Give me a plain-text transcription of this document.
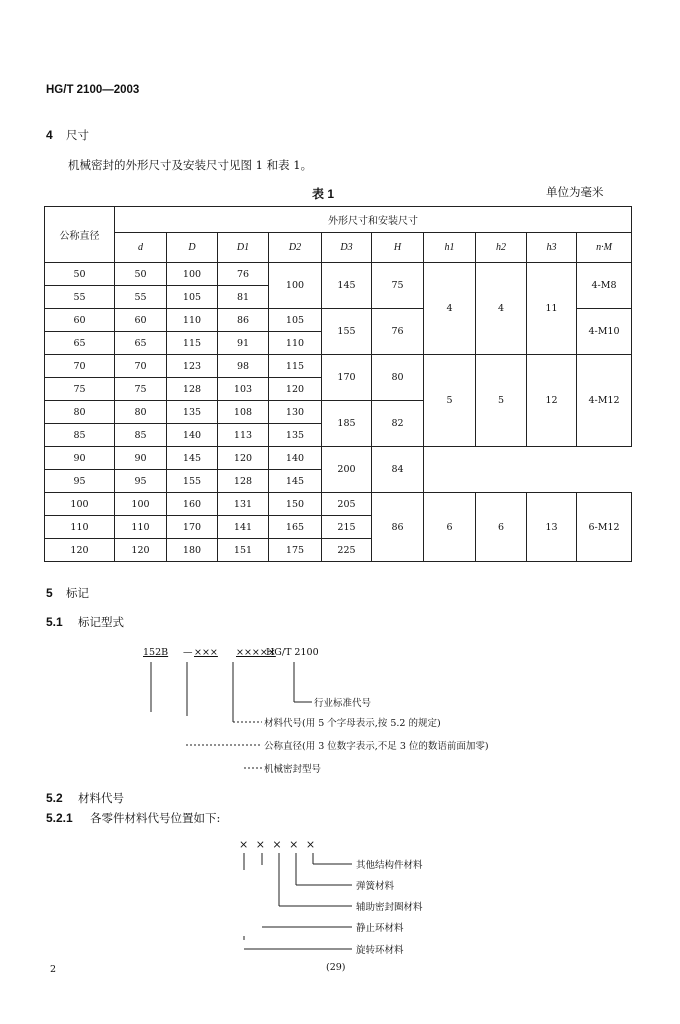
HG/T 2100—2003
4 尺寸
机械密封的外形尺寸及安装尺寸见图 1 和表 1。
表 1	单位为毫米
公称直径	外形尺寸和安装尺寸									
	d	D	D1	D2	D3	H	h1	h2	h3	n·M
50	50	100	76	100	145	75	4	4	11	4-M8
55	55	105	81							
60	60	110	86	105	155	76				4-M10
65	65	115	91	110						
70	70	123	98	115	170	80	5	5	12	4-M12
75	75	128	103	120						
80	80	135	108	130	185	82				
85	85	140	113	135						
90	90	145	120	140	200	84				
95	95	155	128	145						
100	100	160	131	150	205	86	6	6	13	6-M12
110	110	170	141	165	215					
120	120	180	151	175	225					
5 标记
5.1 标记型式
152B — ××× ×××××
HG/T 2100
行业标准代号
材料代号(用 5 个字母表示,按 5.2 的规定)
公称直径(用 3 位数字表示,不足 3 位的数语前面加零)
机械密封型号
5.2 材料代号
5.2.1 各零件材料代号位置如下:
× × × × ×
其他结构件材料
弹簧材料
辅助密封圈材料
静止环材料
旋转环材料
2	(29)
